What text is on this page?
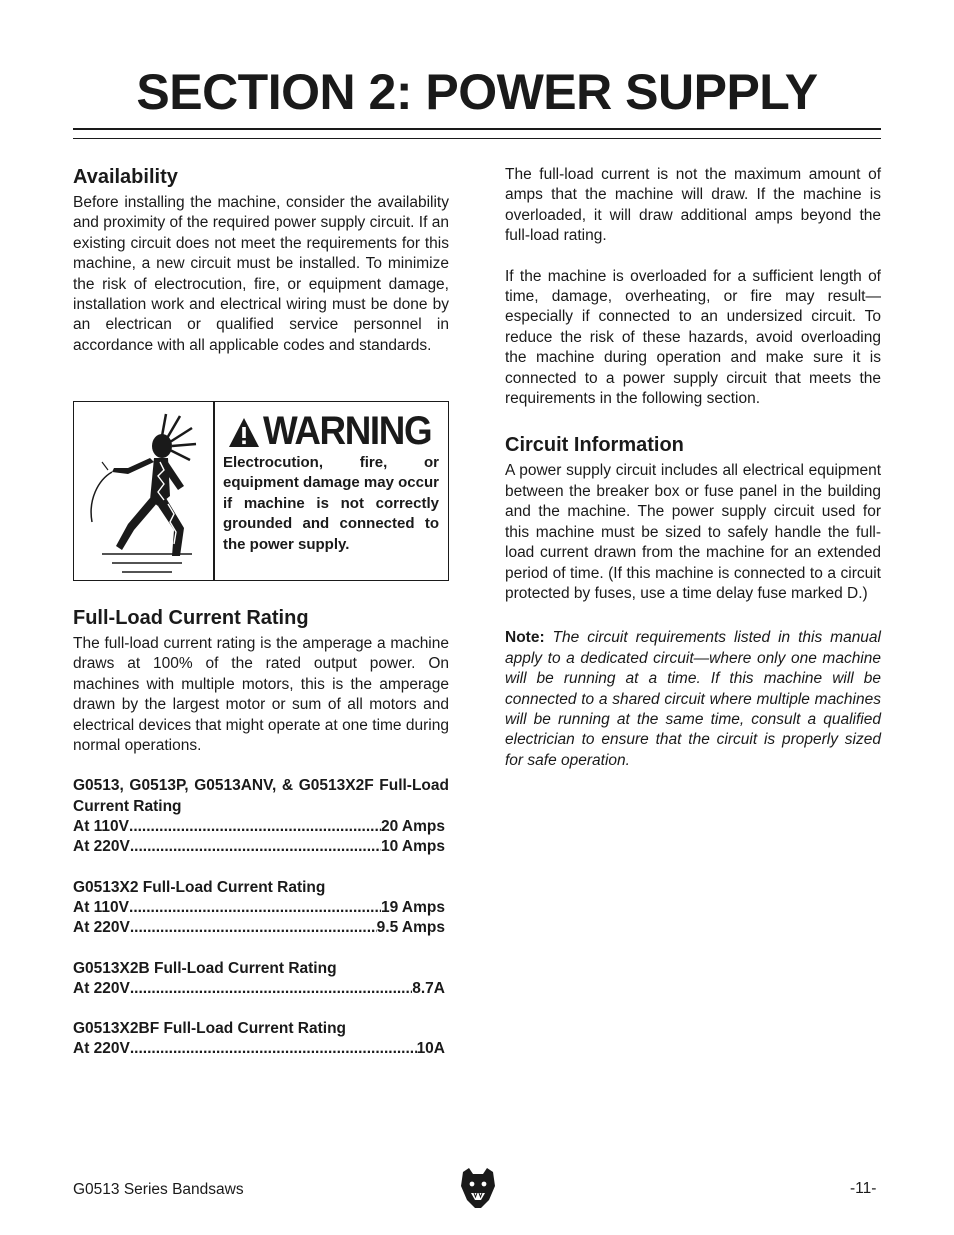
SECTION 2: POWER SUPPLY
Availability

Before installing the machine, consider the availability and proximity of the required power supply circuit. If an existing circuit does not meet the requirements for this machine, a new circuit must be installed. To minimize the risk of electrocution, fire, or equipment damage, installation work and electrical wiring must be done by an electrican or qualified service personnel in accordance with all applicable codes and standards.

WARNING

Electrocution, fire, or equipment damage may occur if machine is not correctly grounded and connected to the power supply.

Full-Load Current Rating

The full-load current rating is the amperage a machine draws at 100% of the rated output power. On machines with multiple motors, this is the amperage drawn by the largest motor or sum of all motors and electrical devices that might operate at one time during normal operations.

G0513, G0513P, G0513ANV, & G0513X2F Full-Load Current Rating

At 110V .....	20 Amps
At 220V .....	10 Amps

G0513X2 Full-Load Current Rating

At 110V .....	19 Amps
At 220V .....	9.5 Amps

G0513X2B Full-Load Current Rating

At 220V .....	8.7A

G0513X2BF Full-Load Current Rating

At 220V .....	10A

The full-load current is not the maximum amount of amps that the machine will draw. If the machine is overloaded, it will draw additional amps beyond the full-load rating.

If the machine is overloaded for a sufficient length of time, damage, overheating, or fire may result—especially if connected to an undersized circuit. To reduce the risk of these hazards, avoid overloading the machine during operation and make sure it is connected to a power supply circuit that meets the requirements in the following section.

Circuit Information

A power supply circuit includes all electrical equipment between the breaker box or fuse panel in the building and the machine. The power supply circuit used for this machine must be sized to safely handle the full-load current drawn from the machine for an extended period of time. (If this machine is connected to a circuit protected by fuses, use a time delay fuse marked D.)

Note: The circuit requirements listed in this manual apply to a dedicated circuit—where only one machine will be running at a time. If this machine will be connected to a shared circuit where multiple machines will be running at the same time, consult a qualified electrician to ensure that the circuit is properly sized for safe operation.

G0513 Series Bandsaws	-11-
